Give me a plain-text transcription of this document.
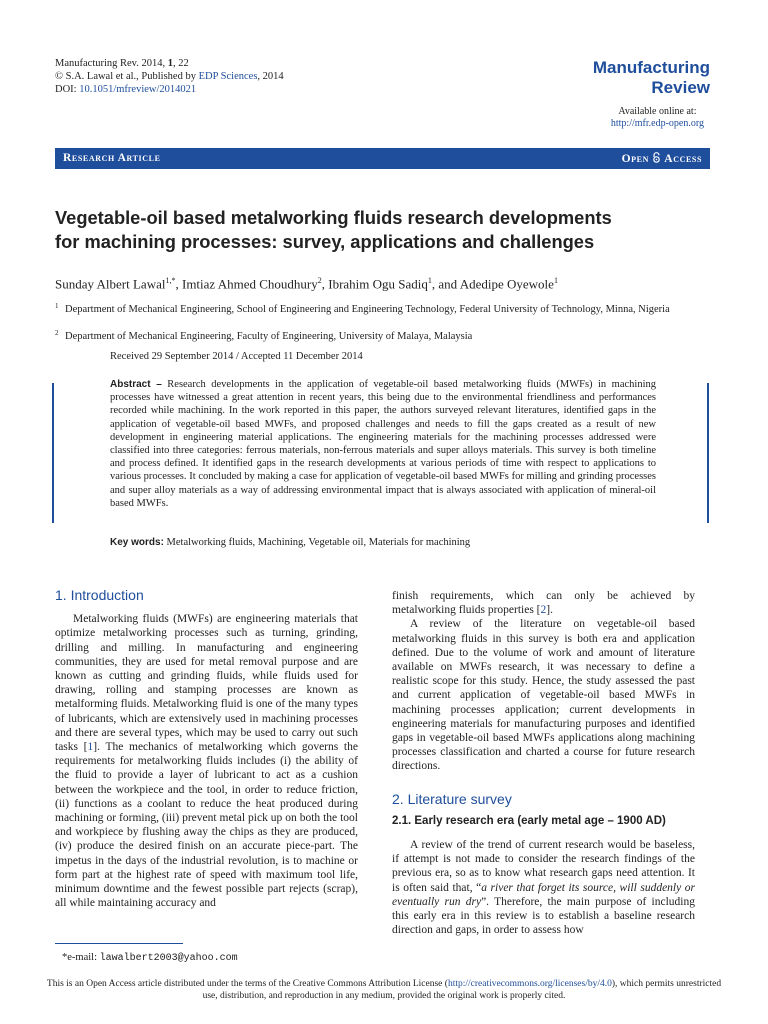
Manufacturing Rev. 2014, 1, 22
© S.A. Lawal et al., Published by EDP Sciences, 2014
DOI: 10.1051/mfreview/2014021
Manufacturing
Review
Available online at:
http://mfr.edp-open.org
Research Article	Open Access
Vegetable-oil based metalworking fluids research developments
for machining processes: survey, applications and challenges
Sunday Albert Lawal$^{1,*}$, Imtiaz Ahmed Choudhury$^2$, Ibrahim Ogu Sadiq$^1$, and Adedipe Oyewole$^1$
1 Department of Mechanical Engineering, School of Engineering and Engineering Technology, Federal University of Technology, Minna, Nigeria
2 Department of Mechanical Engineering, Faculty of Engineering, University of Malaya, Malaysia
Received 29 September 2014 / Accepted 11 December 2014
Abstract – Research developments in the application of vegetable-oil based metalworking fluids (MWFs) in machining processes have witnessed a great attention in recent years, this being due to the environmental friendliness and performances recorded while machining. In the work reported in this paper, the authors surveyed relevant literatures, identified gaps in the application of vegetable-oil based MWFs, and proposed challenges and needs to fill the gaps created as a result of new development in engineering material applications. The engineering materials for the machining processes addressed were classified into three categories: ferrous materials, non-ferrous materials and super alloys materials. This survey is both timeline and process defined. It identified gaps in the research developments at various periods of time with respect to applications to various processes. It concluded by making a case for application of vegetable-oil based MWFs for milling and grinding processes and super alloy materials as a way of addressing environmental impact that is always associated with application of mineral-oil based MWFs.
Key words: Metalworking fluids, Machining, Vegetable oil, Materials for machining
1. Introduction

Metalworking fluids (MWFs) are engineering materials that optimize metalworking processes such as turning, grinding, drilling and milling. In manufacturing and engineering communities, they are used for metal removal purpose and are known as cutting and grinding fluids, while fluids used for drawing, rolling and stamping processes are known as metalforming fluids. Metalworking fluid is one of the many types of lubricants, which are extensively used in machining processes and there are several types, which may be used to carry out such tasks [1]. The mechanics of metalworking which governs the requirements for metalworking fluids includes (i) the ability of the fluid to provide a layer of lubricant to act as a cushion between the workpiece and the tool, in order to reduce friction, (ii) functions as a coolant to reduce the heat produced during machining or forming, (iii) prevent metal pick up on both the tool and workpiece by flushing away the chips as they are produced, (iv) produce the desired finish on an accurate piece-part. The impetus in the days of the industrial revolution, is to machine or form part at the highest rate of speed with maximum tool life, minimum downtime and the fewest possible part rejects (scrap), all while maintaining accuracy and

finish requirements, which can only be achieved by metalworking fluids properties [2].

A review of the literature on vegetable-oil based metalworking fluids in this survey is both era and application defined. Due to the volume of work and amount of literature available on MWFs research, it was necessary to define a realistic scope for this study. Hence, the study assessed the past and current application of vegetable-oil based MWFs in machining processes application; current developments in engineering materials for manufacturing purposes and identified gaps in vegetable-oil based MWFs applications along machining processes classification and charted a course for future research directions.

2. Literature survey
2.1. Early research era (early metal age – 1900 AD)

A review of the trend of current research would be baseless, if attempt is not made to consider the research findings of the previous era, so as to know what research gaps need attention. It is often said that, “a river that forget its source, will suddenly or eventually run dry”. Therefore, the main purpose of including this early era in this review is to establish a baseline research direction and gaps, in order to assess how

*e-mail: lawalbert2003@yahoo.com
This is an Open Access article distributed under the terms of the Creative Commons Attribution License (http://creativecommons.org/licenses/by/4.0), which permits unrestricted use, distribution, and reproduction in any medium, provided the original work is properly cited.
